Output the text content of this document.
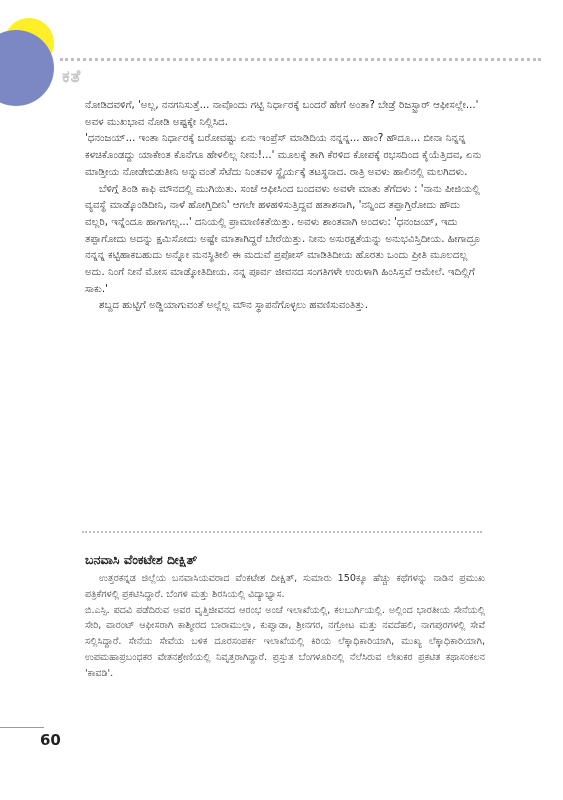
ಕತೆ

ನೋಡಿದವಳಿಗೆ, 'ಅಲ್ಲ, ನನಗನಿಸುತ್ತೆ... ನಾವೊಂದು ಗಟ್ಟಿ ನಿರ್ಧಾರಕ್ಕೆ ಬಂದರೆ ಹೇಗೆ ಅಂತಾ? ಬೇಡ್ರೆ ರಿಜಸ್ಟ್ರಾರ್ ಆಫೀಸಲ್ಲೇ...' ಅವಳ ಮುಖಭಾವ ನೋಡಿ ಅಷ್ಟಕ್ಕೇ ನಿಲ್ಲಿಸಿದ.

'ಧನಂಜಯ್... ಇಂತಾ ನಿರ್ಧಾರಕ್ಕೆ ಬರೋವಷ್ಟು ಏನು ಇಂಪ್ರೆಸ್ ಮಾಡಿದಿಯ ನನ್ನನ್ನ... ಹಾಂ? ಹೌದೂ... ಬೀನಾ ನಿನ್ನನ್ನ ಕಳಚಿಕೊಂಡದ್ದು ಯಾಕೇಂತ ಕೊನೆಗೂ ಹೇಳಲಿಲ್ಲ ನೀನು!...' ಮೂಲಕ್ಕೆ ತಾಗಿ ಕೆರಳಿದ ಕೋಪಕ್ಕೆ ರಭಸದಿಂದ ಕೈಯೆತ್ತಿದವ, ಏನು ಮಾಡ್ತೀಯ ನೋಡೇಬಿಡುತೀನಿ ಅನ್ನುವಂತೆ ಸೆಟೆದು ನಿಂತವಳ ಸ್ಥೈರ್ಯಕ್ಕೆ ತಟಸ್ಥನಾದ. ರಾತ್ರಿ ಅವಳು ಹಾಲಿನಲ್ಲಿ ಮಲಗಿದಳು.

ಬೆಳಿಗ್ಗೆ ತಿಂಡಿ ಕಾಫಿ ಮೌನದಲ್ಲಿ ಮುಗಿಯಿತು. ಸಂಜೆ ಆಫೀಸಿಂದ ಬಂದವಳು ಅವಳೇ ಮಾತು ತೆಗೆದಳು : 'ನಾನು ಪೀಜಿಯಲ್ಲಿ ವ್ಯವಸ್ಥೆ ಮಾಡ್ಕೊಂಡಿದೀನಿ, ನಾಳೆ ಹೋಗ್ತಿದೀನಿ' ಆಗಲೇ ಹಳಹಳಿಸುತ್ತಿದ್ದವ ಹತಾಶನಾಗಿ, 'ನನ್ನಿಂದ ತಪ್ಪಾಗ್ತಿರೋದು ಹೌದು ವಲ್ಲರಿ, ಇನ್ನೆಂದೂ ಹಾಗಾಗಲ್ಲ...' ದನಿಯಲ್ಲಿ ಪ್ರಾಮಾಣಿಕತೆಯಿತ್ತು. ಅವಳು ಶಾಂತವಾಗಿ ಅಂದಳು: 'ಧನಂಜಯ್, ಇದು ತಪ್ಪಾಗೋದು ಅದನ್ನು ಕ್ಷಮಿಸೋದು ಅಷ್ಟೇ ಮಾತಾಗಿದ್ದರೆ ಬೇರೆಯಿತ್ತು. ನೀನು ಅಸುರಕ್ಷತೆಯನ್ನು ಅನುಭವಿಸ್ತಿದೀಯ. ಹೀಗಾದ್ರೂ ನನ್ನನ್ನ ಕಟ್ಟಿಹಾಕಬಹುದು ಅನ್ನೋ ಮನಸ್ಥಿತೀಲಿ ಈ ಮದುವೆ ಪ್ರಪೋಸ್ ಮಾಡಿತಿದೀಯ ಹೊರತು ಒಂದು ಪ್ರೀತಿ ಮೂಲದಲ್ಲ ಅದು. ನಿಂಗೆ ನೀನೆ ಮೋಸ ಮಾಡ್ಕೋತಿದೀಯ. ನನ್ನ ಪೂರ್ವ ಜೀವನದ ಸಂಗತಿಗಳೇ ಉರುಳಾಗಿ ಹಿಂಸಿಸ್ತವೆ ಆಮೇಲೆ. ಇದಿಲ್ಲಿಗೆ ಸಾಕು.'

ಶಬ್ದದ ಹುಟ್ಟಿಗೆ ಅಡ್ಡಿಯಾಗುವಂತೆ ಅಲ್ಲೆಲ್ಲ ಮೌನ ಸ್ಥಾಪನೆಗೊಳ್ಳಲು ಹವಣಿಸುವಂತಿತ್ತು.

ಬನವಾಸಿ ವೆಂಕಟೇಶ ದೀಕ್ಷಿತ್

ಉತ್ತರಕನ್ನಡ ಜಿಲ್ಲೆಯ ಬನವಾಸಿಯವರಾದ ವೆಂಕಟೇಶ ದೀಕ್ಷಿತ್, ಸುಮಾರು 150ಕ್ಕೂ ಹೆಚ್ಚು ಕಥೆಗಳನ್ನು ನಾಡಿನ ಪ್ರಮುಖ ಪತ್ರಿಕೆಗಳಲ್ಲಿ ಪ್ರಕಟಿಸಿದ್ದಾರೆ. ಬೆಂಗಳಿ ಮತ್ತು ಶಿರಸಿಯಲ್ಲಿ ವಿದ್ಯಾಭ್ಯಾಸ.

ಬಿ.ಎಸ್ಸಿ. ಪದವಿ ಪಡೆದಿರುವ ಅವರ ವೃತ್ತಿಜೀವನದ ಆರಂಭ ಅಂಚೆ ಇಲಾಖೆಯಲ್ಲಿ, ಕಲಬುರ್ಗಿಯಲ್ಲಿ. ಅಲ್ಲಿಂದ ಭಾರತೀಯ ಸೇನೆಯಲ್ಲಿ ಸೇರಿ, ವಾರಂಟ್ ಆಫೀಸರಾಗಿ ಕಾಶ್ಮೀರದ ಬಾರಾಮುಲ್ಲಾ, ಕುಪ್ವಾಡಾ, ಶ್ರೀನಗರ, ನಗ್ರೋಟ ಮತ್ತು ನವದೆಹಲಿ, ನಾಗಪುರಗಳಲ್ಲಿ ಸೇವೆ ಸಲ್ಲಿಸಿದ್ದಾರೆ. ಸೇನೆಯ ಸೇವೆಯ ಬಳಿಕ ದೂರಸಂಪರ್ಕ ಇಲಾಖೆಯಲ್ಲಿ ಕಿರಿಯ ಲೆಕ್ಕಾಧಿಕಾರಿಯಾಗಿ, ಮುಖ್ಯ ಲೆಕ್ಕಾಧಿಕಾರಿಯಾಗಿ, ಉಪಮಹಾಪ್ರಬಂಧಕರ ವೇತನಶ್ರೇಣಿಯಲ್ಲಿ ನಿವೃತ್ತರಾಗಿದ್ದಾರೆ. ಪ್ರಸ್ತುತ ಬೆಂಗಳೂರಿನಲ್ಲಿ ನೆಲೆಸಿರುವ ಲೇಖಕರ ಪ್ರಕಟಿತ ಕಥಾಸಂಕಲನ 'ಕಾವಡಿ'.

60
